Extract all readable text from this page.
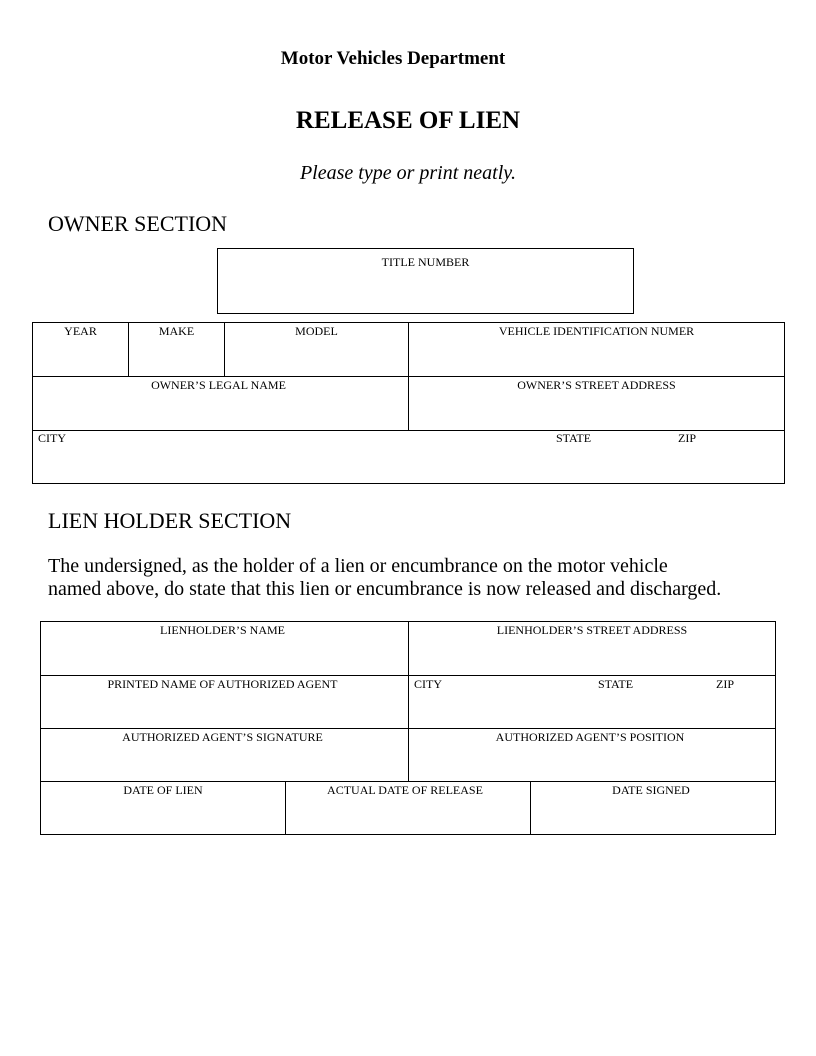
Motor Vehicles Department
RELEASE OF LIEN
Please type or print neatly.
OWNER SECTION
TITLE NUMBER
YEAR	MAKE	MODEL	VEHICLE IDENTIFICATION NUMER
OWNER’S LEGAL NAME	OWNER’S STREET ADDRESS
CITY	STATE	ZIP
LIEN HOLDER SECTION
The undersigned, as the holder of a lien or encumbrance on the motor vehicle
named above, do state that this lien or encumbrance is now released and discharged.
LIENHOLDER’S NAME	LIENHOLDER’S STREET ADDRESS
PRINTED NAME OF AUTHORIZED AGENT	CITY	STATE	ZIP
AUTHORIZED AGENT’S SIGNATURE	AUTHORIZED AGENT’S POSITION
DATE OF LIEN	ACTUAL DATE OF RELEASE	DATE SIGNED
